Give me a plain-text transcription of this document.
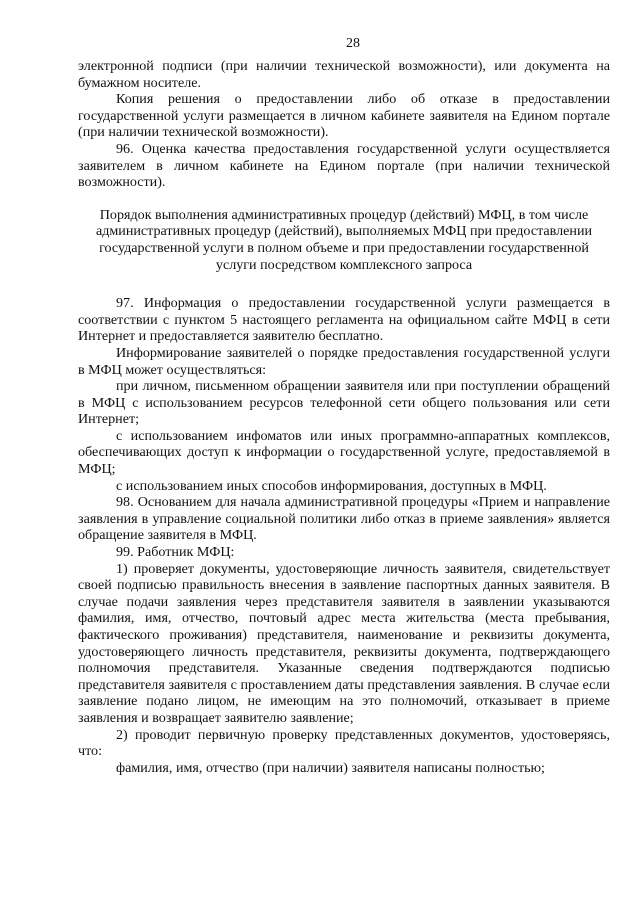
28

электронной подписи (при наличии технической возможности), или документа на бумажном носителе.

Копия решения о предоставлении либо об отказе в предоставлении государственной услуги размещается в личном кабинете заявителя на Едином портале (при наличии технической возможности).

96. Оценка качества предоставления государственной услуги осуществляется заявителем в личном кабинете на Едином портале (при наличии технической возможности).

Порядок выполнения административных процедур (действий) МФЦ, в том числе административных процедур (действий), выполняемых МФЦ при предоставлении государственной услуги в полном объеме и при предоставлении государственной услуги посредством комплексного запроса

97. Информация о предоставлении государственной услуги размещается в соответствии с пунктом 5 настоящего регламента на официальном сайте МФЦ в сети Интернет и предоставляется заявителю бесплатно.

Информирование заявителей о порядке предоставления государственной услуги в МФЦ может осуществляться:

при личном, письменном обращении заявителя или при поступлении обращений в МФЦ с использованием ресурсов телефонной сети общего пользования или сети Интернет;

с использованием инфоматов или иных программно-аппаратных комплексов, обеспечивающих доступ к информации о государственной услуге, предоставляемой в МФЦ;

с использованием иных способов информирования, доступных в МФЦ.

98. Основанием для начала административной процедуры «Прием и направление заявления в управление социальной политики либо отказ в приеме заявления» является обращение заявителя в МФЦ.

99. Работник МФЦ:

1) проверяет документы, удостоверяющие личность заявителя, свидетельствует своей подписью правильность внесения в заявление паспортных данных заявителя. В случае подачи заявления через представителя заявителя в заявлении указываются фамилия, имя, отчество, почтовый адрес места жительства (места пребывания, фактического проживания) представителя, наименование и реквизиты документа, удостоверяющего личность представителя, реквизиты документа, подтверждающего полномочия представителя. Указанные сведения подтверждаются подписью представителя заявителя с проставлением даты представления заявления. В случае если заявление подано лицом, не имеющим на это полномочий, отказывает в приеме заявления и возвращает заявителю заявление;

2) проводит первичную проверку представленных документов, удостоверяясь, что:

фамилия, имя, отчество (при наличии) заявителя написаны полностью;
